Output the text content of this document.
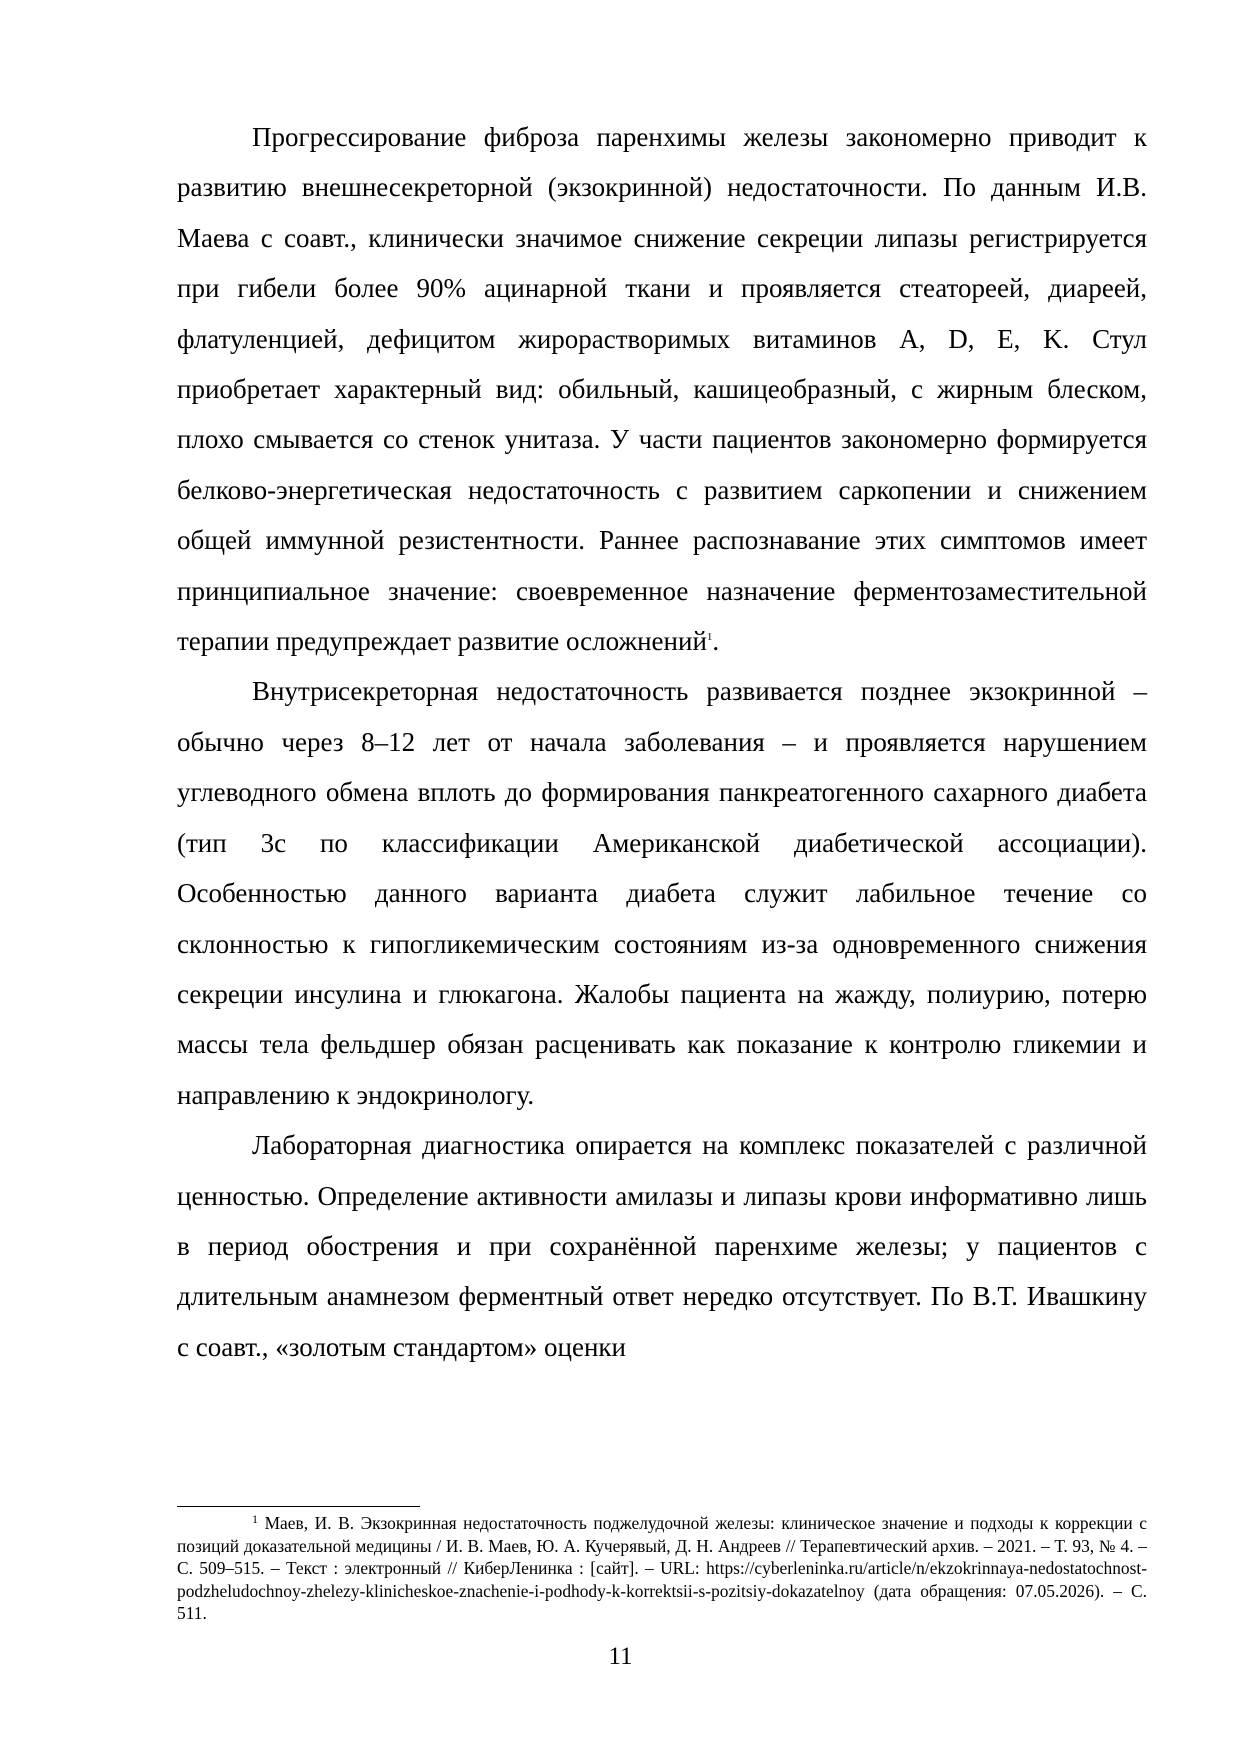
Прогрессирование фиброза паренхимы железы закономерно приводит к развитию внешнесекреторной (экзокринной) недостаточности. По данным И.В. Маева с соавт., клинически значимое снижение секреции липазы регистрируется при гибели более 90% ацинарной ткани и проявляется стеатореей, диареей, флатуленцией, дефицитом жирорастворимых витаминов A, D, E, K. Стул приобретает характерный вид: обильный, кашицеобразный, с жирным блеском, плохо смывается со стенок унитаза. У части пациентов закономерно формируется белково-энергетическая недостаточность с развитием саркопении и снижением общей иммунной резистентности. Раннее распознавание этих симптомов имеет принципиальное значение: своевременное назначение ферментозаместительной терапии предупреждает развитие осложнений$^1$.

Внутрисекреторная недостаточность развивается позднее экзокринной – обычно через 8–12 лет от начала заболевания – и проявляется нарушением углеводного обмена вплоть до формирования панкреатогенного сахарного диабета (тип 3c по классификации Американской диабетической ассоциации). Особенностью данного варианта диабета служит лабильное течение со склонностью к гипогликемическим состояниям из-за одновременного снижения секреции инсулина и глюкагона. Жалобы пациента на жажду, полиурию, потерю массы тела фельдшер обязан расценивать как показание к контролю гликемии и направлению к эндокринологу.

Лабораторная диагностика опирается на комплекс показателей с различной ценностью. Определение активности амилазы и липазы крови информативно лишь в период обострения и при сохранённой паренхиме железы; у пациентов с длительным анамнезом ферментный ответ нередко отсутствует. По В.Т. Ивашкину с соавт., «золотым стандартом» оценки

$^1$ Маев, И. В. Экзокринная недостаточность поджелудочной железы: клиническое значение и подходы к коррекции с позиций доказательной медицины / И. В. Маев, Ю. А. Кучерявый, Д. Н. Андреев // Терапевтический архив. – 2021. – Т. 93, № 4. – С. 509–515. – Текст : электронный // КиберЛенинка : [сайт]. – URL: https://cyberleninka.ru/article/n/ekzokrinnaya-nedostatochnost-podzheludochnoy-zhelezy-klinicheskoe-znachenie-i-podhody-k-korrektsii-s-pozitsiy-dokazatelnoy (дата обращения: 07.05.2026). – С. 511.

11
